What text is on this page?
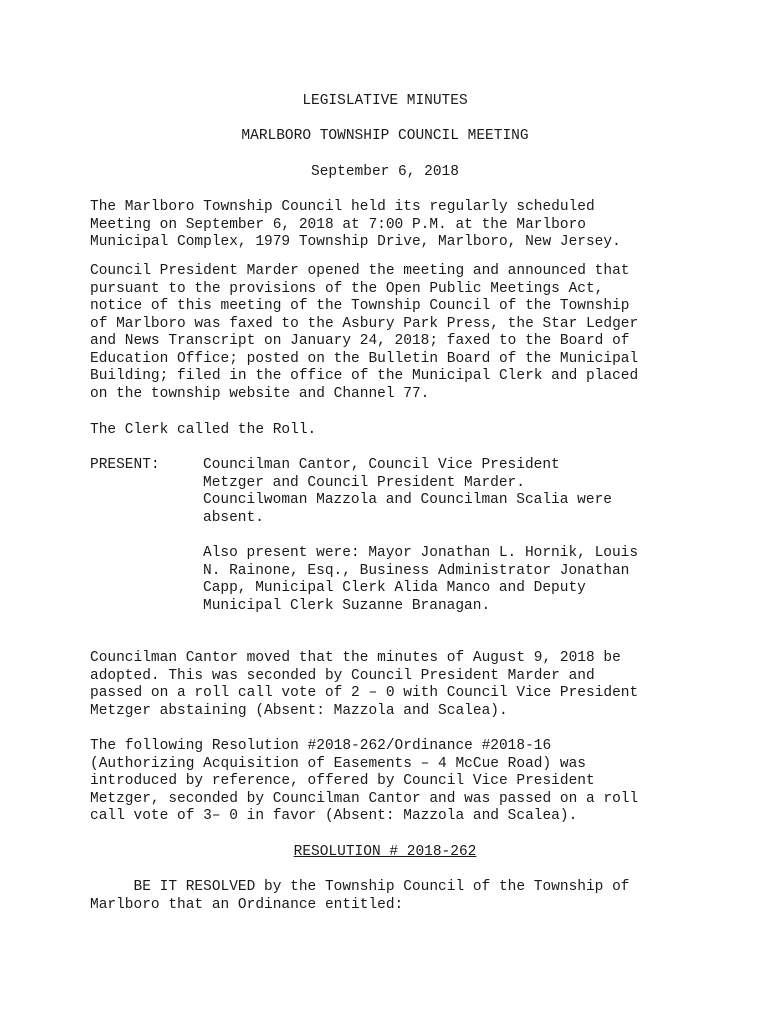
LEGISLATIVE MINUTES

MARLBORO TOWNSHIP COUNCIL MEETING

September 6, 2018

The Marlboro Township Council held its regularly scheduled
Meeting on September 6, 2018 at 7:00 P.M. at the Marlboro
Municipal Complex, 1979 Township Drive, Marlboro, New Jersey.
Council President Marder opened the meeting and announced that
pursuant to the provisions of the Open Public Meetings Act,
notice of this meeting of the Township Council of the Township
of Marlboro was faxed to the Asbury Park Press, the Star Ledger
and News Transcript on January 24, 2018; faxed to the Board of
Education Office; posted on the Bulletin Board of the Municipal
Building; filed in the office of the Municipal Clerk and placed
on the township website and Channel 77.
The Clerk called the Roll.

PRESENT:	Councilman Cantor, Council Vice President
Metzger and Council President Marder.
Councilwoman Mazzola and Councilman Scalia were
absent.
Also present were: Mayor Jonathan L. Hornik, Louis
N. Rainone, Esq., Business Administrator Jonathan
Capp, Municipal Clerk Alida Manco and Deputy
Municipal Clerk Suzanne Branagan.
Councilman Cantor moved that the minutes of August 9, 2018 be
adopted. This was seconded by Council President Marder and
passed on a roll call vote of 2 – 0 with Council Vice President
Metzger abstaining (Absent: Mazzola and Scalea).
The following Resolution #2018-262/Ordinance #2018-16
(Authorizing Acquisition of Easements – 4 McCue Road) was
introduced by reference, offered by Council Vice President
Metzger, seconded by Councilman Cantor and was passed on a roll
call vote of 3– 0 in favor (Absent: Mazzola and Scalea).

RESOLUTION # 2018-262

BE IT RESOLVED by the Township Council of the Township of
Marlboro that an Ordinance entitled:
